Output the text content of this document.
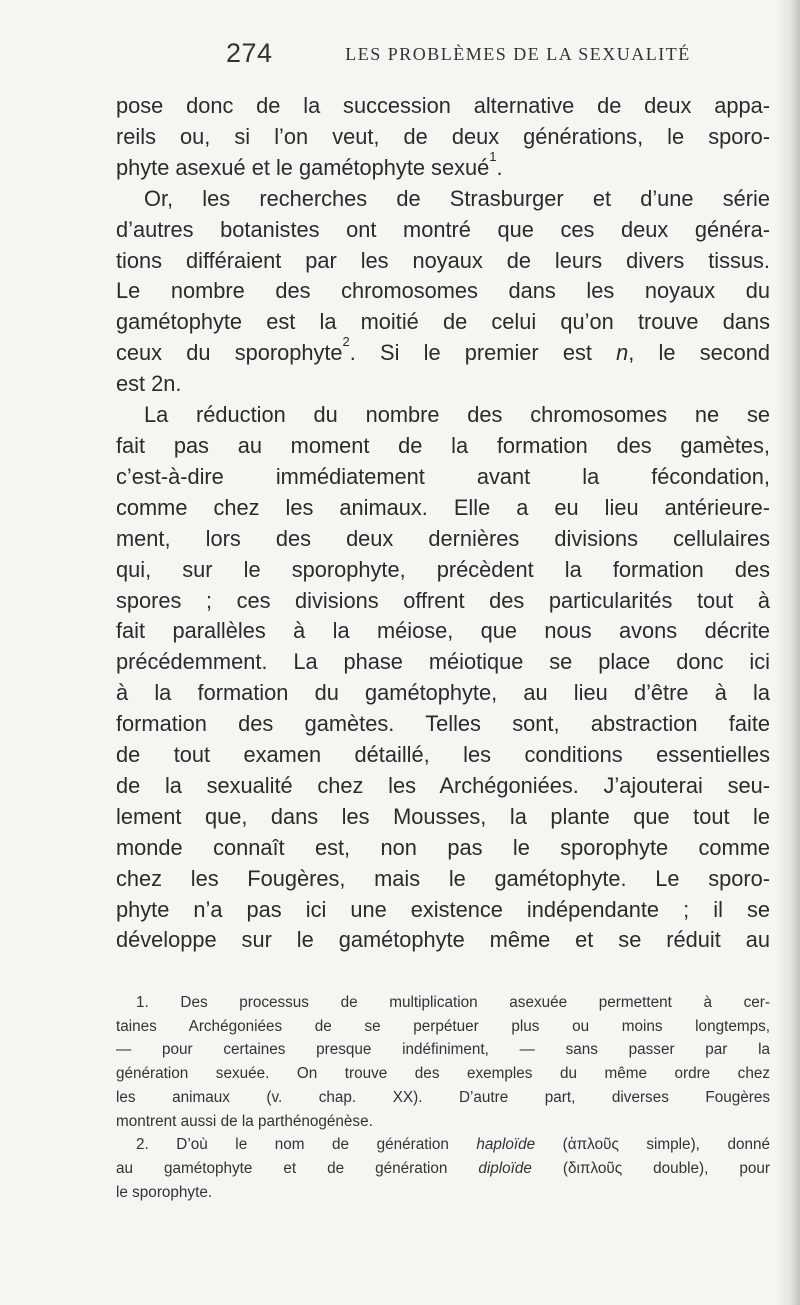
274	LES PROBLÈMES DE LA SEXUALITÉ
pose donc de la succession alternative de deux appa-
reils ou, si l’on veut, de deux générations, le sporo-
phyte asexué et le gamétophyte sexué$^1$.
Or, les recherches de Strasburger et d’une série
d’autres botanistes ont montré que ces deux généra-
tions différaient par les noyaux de leurs divers tissus.
Le nombre des chromosomes dans les noyaux du
gamétophyte est la moitié de celui qu’on trouve dans
ceux du sporophyte$^2$. Si le premier est n, le second
est 2n.
La réduction du nombre des chromosomes ne se
fait pas au moment de la formation des gamètes,
c’est-à-dire immédiatement avant la fécondation,
comme chez les animaux. Elle a eu lieu antérieure-
ment, lors des deux dernières divisions cellulaires
qui, sur le sporophyte, précèdent la formation des
spores ; ces divisions offrent des particularités tout à
fait parallèles à la méiose, que nous avons décrite
précédemment. La phase méiotique se place donc ici
à la formation du gamétophyte, au lieu d’être à la
formation des gamètes. Telles sont, abstraction faite
de tout examen détaillé, les conditions essentielles
de la sexualité chez les Archégoniées. J’ajouterai seu-
lement que, dans les Mousses, la plante que tout le
monde connaît est, non pas le sporophyte comme
chez les Fougères, mais le gamétophyte. Le sporo-
phyte n’a pas ici une existence indépendante ; il se
développe sur le gamétophyte même et se réduit au
1. Des processus de multiplication asexuée permettent à cer-
taines Archégoniées de se perpétuer plus ou moins longtemps,
— pour certaines presque indéfiniment, — sans passer par la
génération sexuée. On trouve des exemples du même ordre chez
les animaux (v. chap. XX). D’autre part, diverses Fougères
montrent aussi de la parthénogénèse.
2. D’où le nom de génération haploïde (ἁπλοῦς simple), donné
au gamétophyte et de génération diploïde (διπλοῦς double), pour
le sporophyte.
